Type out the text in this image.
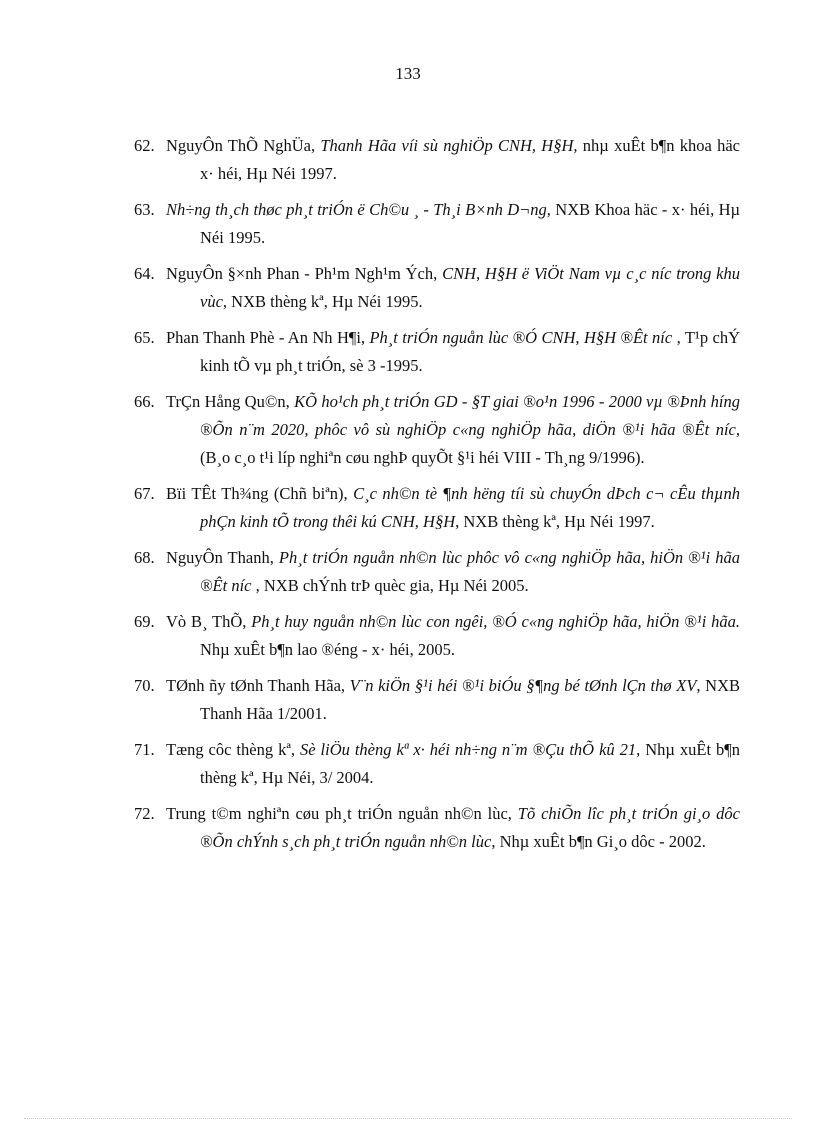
133
62. NguyÔn ThÕ NghÜa, Thanh Hãa víi sù nghiÖp CNH, H§H, nhµ xuÊt b¶n khoa häc x· héi, Hµ Néi 1997.
63. Nh÷ng th¸ch thøc ph¸t triÓn ë Ch©u ¸ - Th¸i B×nh D¬ng, NXB Khoa häc - x· héi, Hµ Néi 1995.
64. NguyÔn §×nh Phan - Ph¹m Ngh¹m Ých, CNH, H§H ë ViÖt Nam vµ c¸c níc trong khu vùc, NXB thèng kª, Hµ Néi 1995.
65. Phan Thanh Phè - An Nh H¶i, Ph¸t triÓn nguån lùc ®Ó CNH, H§H ®Êt níc , T¹p chÝ kinh tÕ vµ ph¸t triÓn, sè 3 -1995.
66. TrÇn Hång Qu©n, KÕ ho¹ch ph¸t triÓn GD - §T giai ®o¹n 1996 - 2000 vµ ®Þnh híng ®Õn n¨m 2020, phôc vô sù nghiÖp c«ng nghiÖp hãa, diÖn ®¹i hãa ®Êt níc, (B¸o c¸o t¹i líp nghiªn cøu nghÞ quyÕt §¹i héi VIII - Th¸ng 9/1996).
67. Bïi TÊt Th¾ng (Chñ biªn), C¸c nh©n tè ¶nh hëng tíi sù chuyÓn dÞch c¬ cÊu thµnh phÇn kinh tÕ trong thêi kú CNH, H§H, NXB thèng kª, Hµ Néi 1997.
68. NguyÔn Thanh, Ph¸t triÓn nguån nh©n lùc phôc vô c«ng nghiÖp hãa, hiÖn ®¹i hãa ®Êt níc , NXB chÝnh trÞ quèc gia, Hµ Néi 2005.
69. Vò B¸ ThÕ, Ph¸t huy nguån nh©n lùc con ngêi, ®Ó c«ng nghiÖp hãa, hiÖn ®¹i hãa. Nhµ xuÊt b¶n lao ®éng - x· héi, 2005.
70. TØnh ñy tØnh Thanh Hãa, V¨n kiÖn §¹i héi ®¹i biÓu §¶ng bé tØnh lÇn thø XV, NXB Thanh Hãa 1/2001.
71. Tæng côc thèng kª, Sè liÖu thèng kª x· héi nh÷ng n¨m ®Çu thÕ kû 21, Nhµ xuÊt b¶n thèng kª, Hµ Néi, 3/ 2004.
72. Trung t©m nghiªn cøu ph¸t triÓn nguån nh©n lùc, Tõ chiÕn lîc ph¸t triÓn gi¸o dôc ®Õn chÝnh s¸ch ph¸t triÓn nguån nh©n lùc, Nhµ xuÊt b¶n Gi¸o dôc - 2002.
